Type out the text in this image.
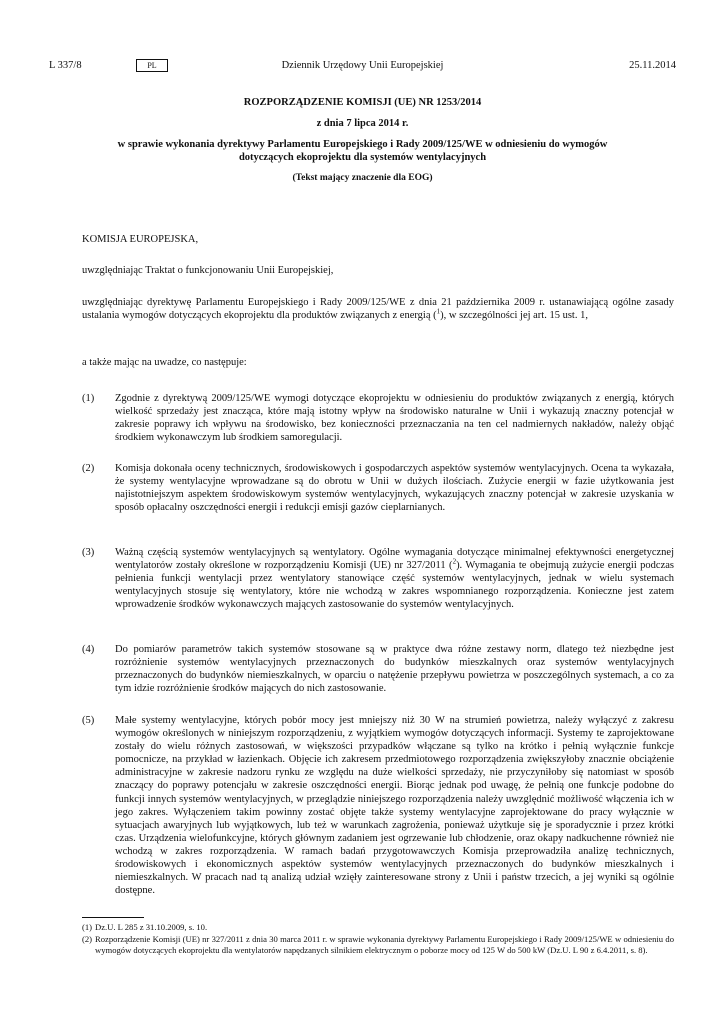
L 337/8	PL	Dziennik Urzędowy Unii Europejskiej	25.11.2014
ROZPORZĄDZENIE KOMISJI (UE) NR 1253/2014
z dnia 7 lipca 2014 r.
w sprawie wykonania dyrektywy Parlamentu Europejskiego i Rady 2009/125/WE w odniesieniu do wymogów dotyczących ekoprojektu dla systemów wentylacyjnych
(Tekst mający znaczenie dla EOG)
KOMISJA EUROPEJSKA,
uwzględniając Traktat o funkcjonowaniu Unii Europejskiej,
uwzględniając dyrektywę Parlamentu Europejskiego i Rady 2009/125/WE z dnia 21 października 2009 r. ustanawiającą ogólne zasady ustalania wymogów dotyczących ekoprojektu dla produktów związanych z energią ($^1$), w szczególności jej art. 15 ust. 1,
a także mając na uwadze, co następuje:
(1) Zgodnie z dyrektywą 2009/125/WE wymogi dotyczące ekoprojektu w odniesieniu do produktów związanych z energią, których wielkość sprzedaży jest znacząca, które mają istotny wpływ na środowisko naturalne w Unii i wykazują znaczny potencjał w zakresie poprawy ich wpływu na środowisko, bez konieczności przeznaczania na ten cel nadmiernych nakładów, należy objąć środkiem wykonawczym lub środkiem samoregulacji.
(2) Komisja dokonała oceny technicznych, środowiskowych i gospodarczych aspektów systemów wentylacyjnych. Ocena ta wykazała, że systemy wentylacyjne wprowadzane są do obrotu w Unii w dużych ilościach. Zużycie energii w fazie użytkowania jest najistotniejszym aspektem środowiskowym systemów wentylacyjnych, wykazujących znaczny potencjał w zakresie uzyskania w sposób opłacalny oszczędności energii i redukcji emisji gazów cieplarnianych.
(3) Ważną częścią systemów wentylacyjnych są wentylatory. Ogólne wymagania dotyczące minimalnej efektywności energetycznej wentylatorów zostały określone w rozporządzeniu Komisji (UE) nr 327/2011 ($^2$). Wymagania te obejmują zużycie energii podczas pełnienia funkcji wentylacji przez wentylatory stanowiące część systemów wentylacyjnych, jednak w wielu systemach wentylacyjnych stosuje się wentylatory, które nie wchodzą w zakres wspomnianego rozporządzenia. Konieczne jest zatem wprowadzenie środków wykonawczych mających zastosowanie do systemów wentylacyjnych.
(4) Do pomiarów parametrów takich systemów stosowane są w praktyce dwa różne zestawy norm, dlatego też niezbędne jest rozróżnienie systemów wentylacyjnych przeznaczonych do budynków mieszkalnych oraz systemów wentylacyjnych przeznaczonych do budynków niemieszkalnych, w oparciu o natężenie przepływu powietrza w poszczególnych systemach, a co za tym idzie rozróżnienie środków mających do nich zastosowanie.
(5) Małe systemy wentylacyjne, których pobór mocy jest mniejszy niż 30 W na strumień powietrza, należy wyłączyć z zakresu wymogów określonych w niniejszym rozporządzeniu, z wyjątkiem wymogów dotyczących informacji. Systemy te zaprojektowane zostały do wielu różnych zastosowań, w większości przypadków włączane są tylko na krótko i pełnią wyłącznie funkcje pomocnicze, na przykład w łazienkach. Objęcie ich zakresem przedmiotowego rozporządzenia zwiększyłoby znacznie obciążenie administracyjne w zakresie nadzoru rynku ze względu na duże wielkości sprzedaży, nie przyczyniłoby się natomiast w sposób znaczący do poprawy potencjału w zakresie oszczędności energii. Biorąc jednak pod uwagę, że pełnią one funkcje podobne do funkcji innych systemów wentylacyjnych, w przeglądzie niniejszego rozporządzenia należy uwzględnić możliwość włączenia ich w jego zakres. Wyłączeniem takim powinny zostać objęte także systemy wentylacyjne zaprojektowane do pracy wyłącznie w sytuacjach awaryjnych lub wyjątkowych, lub też w warunkach zagrożenia, ponieważ użytkuje się je sporadycznie i przez krótki czas. Urządzenia wielofunkcyjne, których głównym zadaniem jest ogrzewanie lub chłodzenie, oraz okapy nadkuchenne również nie wchodzą w zakres rozporządzenia. W ramach badań przygotowawczych Komisja przeprowadziła analizę technicznych, środowiskowych i ekonomicznych aspektów systemów wentylacyjnych przeznaczonych do budynków mieszkalnych i niemieszkalnych. W pracach nad tą analizą udział wzięły zainteresowane strony z Unii i państw trzecich, a jej wyniki są ogólnie dostępne.
(1) Dz.U. L 285 z 31.10.2009, s. 10.
(2) Rozporządzenie Komisji (UE) nr 327/2011 z dnia 30 marca 2011 r. w sprawie wykonania dyrektywy Parlamentu Europejskiego i Rady 2009/125/WE w odniesieniu do wymogów dotyczących ekoprojektu dla wentylatorów napędzanych silnikiem elektrycznym o poborze mocy od 125 W do 500 kW (Dz.U. L 90 z 6.4.2011, s. 8).
